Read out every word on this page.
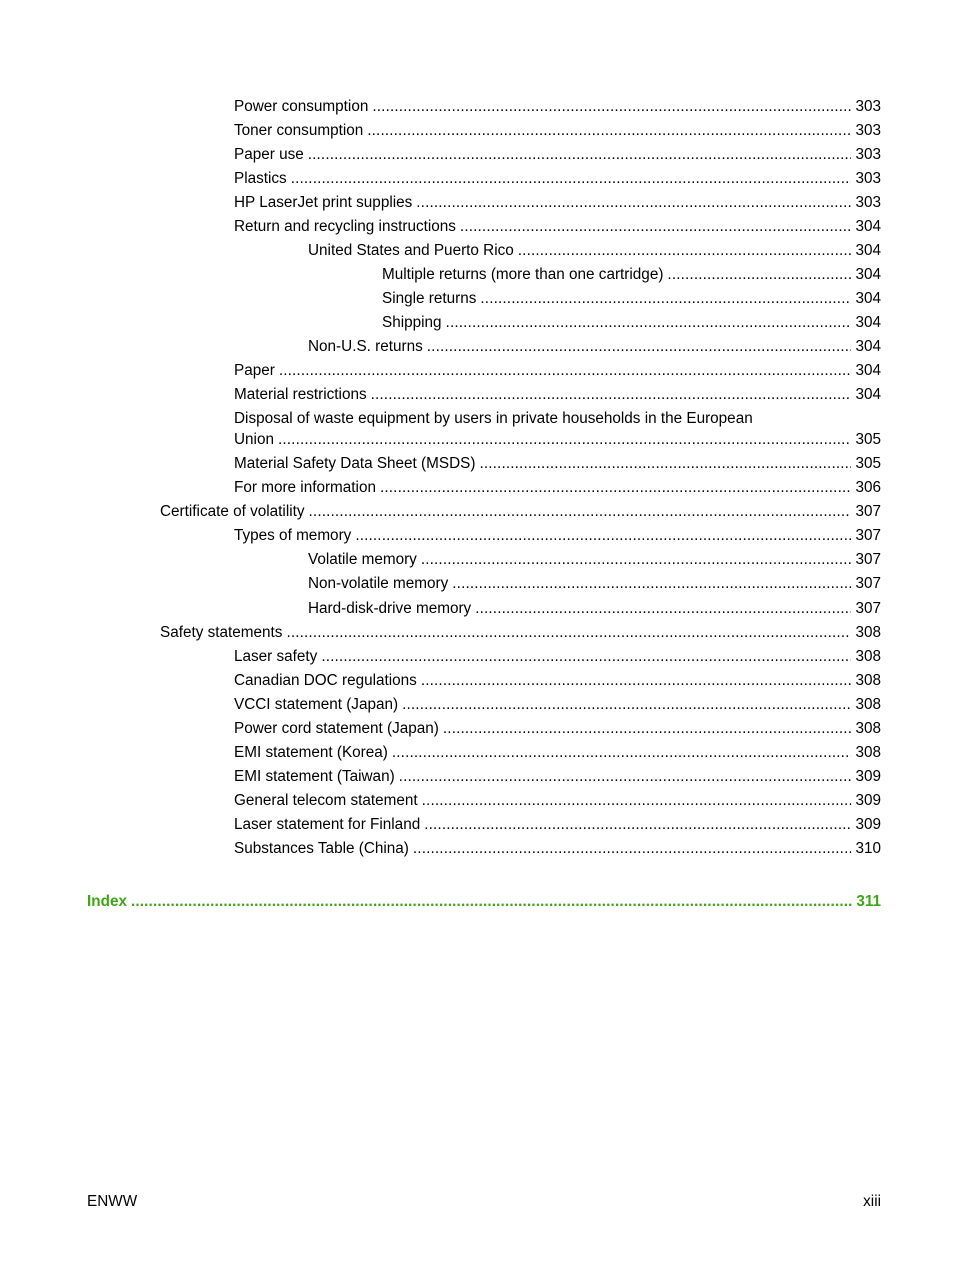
Power consumption . . .	303
Toner consumption . . .	303
Paper use . . .	303
Plastics . . .	303
HP LaserJet print supplies . . .	303
Return and recycling instructions . . .	304
United States and Puerto Rico . . .	304
Multiple returns (more than one cartridge) . . .	304
Single returns . . .	304
Shipping . . .	304
Non-U.S. returns . . .	304
Paper . . .	304
Material restrictions . . .	304
Disposal of waste equipment by users in private households in the European
Union . . .	305
Material Safety Data Sheet (MSDS) . . .	305
For more information . . .	306
Certificate of volatility . . .	307
Types of memory . . .	307
Volatile memory . . .	307
Non-volatile memory . . .	307
Hard-disk-drive memory . . .	307
Safety statements . . .	308
Laser safety . . .	308
Canadian DOC regulations . . .	308
VCCI statement (Japan) . . .	308
Power cord statement (Japan) . . .	308
EMI statement (Korea) . . .	308
EMI statement (Taiwan) . . .	309
General telecom statement . . .	309
Laser statement for Finland . . .	309
Substances Table (China) . . .	310
Index . . .	311
ENWW	xiii
